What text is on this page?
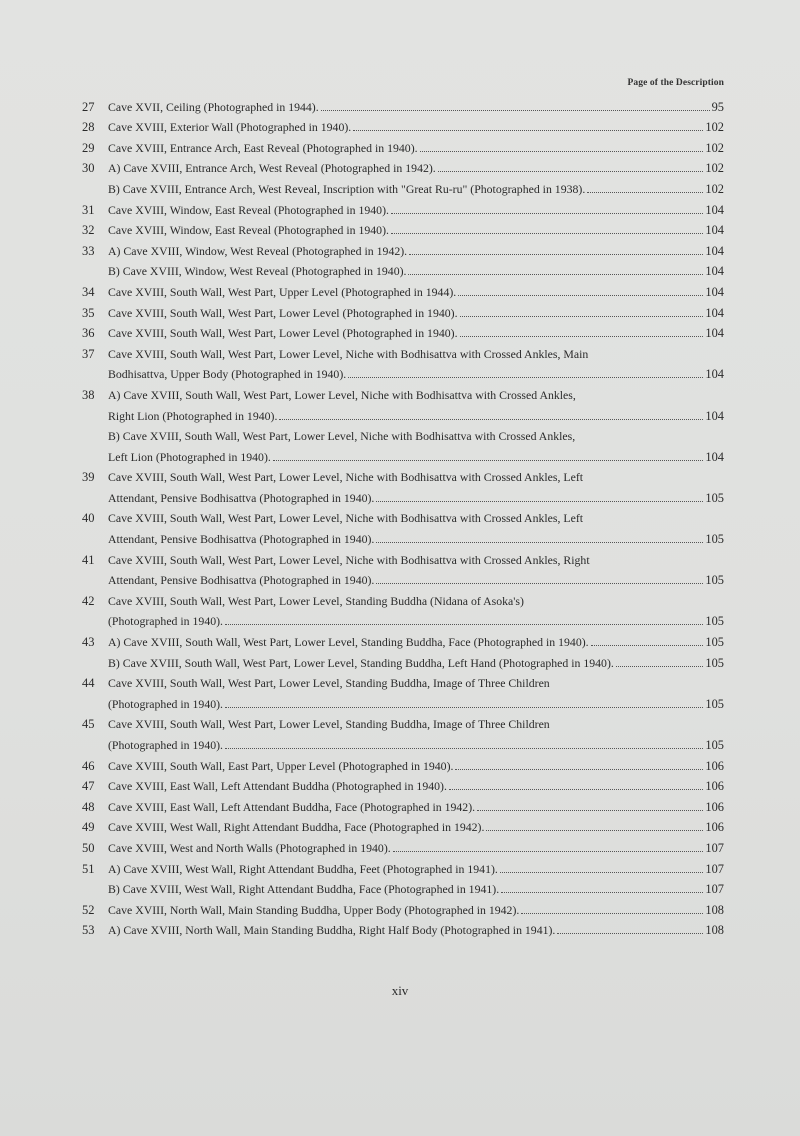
Page of the Description
27	Cave XVII, Ceiling (Photographed in 1944).	95
28	Cave XVIII, Exterior Wall (Photographed in 1940).	102
29	Cave XVIII, Entrance Arch, East Reveal (Photographed in 1940).	102
30	A) Cave XVIII, Entrance Arch, West Reveal (Photographed in 1942).	102
B) Cave XVIII, Entrance Arch, West Reveal, Inscription with "Great Ru-ru" (Photographed in 1938).	102
31	Cave XVIII, Window, East Reveal (Photographed in 1940).	104
32	Cave XVIII, Window, East Reveal (Photographed in 1940).	104
33	A) Cave XVIII, Window, West Reveal (Photographed in 1942).	104
B) Cave XVIII, Window, West Reveal (Photographed in 1940).	104
34	Cave XVIII, South Wall, West Part, Upper Level (Photographed in 1944).	104
35	Cave XVIII, South Wall, West Part, Lower Level (Photographed in 1940).	104
36	Cave XVIII, South Wall, West Part, Lower Level (Photographed in 1940).	104
37	Cave XVIII, South Wall, West Part, Lower Level, Niche with Bodhisattva with Crossed Ankles, Main
Bodhisattva, Upper Body (Photographed in 1940).	104
38	A) Cave XVIII, South Wall, West Part, Lower Level, Niche with Bodhisattva with Crossed Ankles,
Right Lion (Photographed in 1940).	104
B) Cave XVIII, South Wall, West Part, Lower Level, Niche with Bodhisattva with Crossed Ankles,
Left Lion (Photographed in 1940).	104
39	Cave XVIII, South Wall, West Part, Lower Level, Niche with Bodhisattva with Crossed Ankles, Left
Attendant, Pensive Bodhisattva (Photographed in 1940).	105
40	Cave XVIII, South Wall, West Part, Lower Level, Niche with Bodhisattva with Crossed Ankles, Left
Attendant, Pensive Bodhisattva (Photographed in 1940).	105
41	Cave XVIII, South Wall, West Part, Lower Level, Niche with Bodhisattva with Crossed Ankles, Right
Attendant, Pensive Bodhisattva (Photographed in 1940).	105
42	Cave XVIII, South Wall, West Part, Lower Level, Standing Buddha (Nidana of Asoka's)
(Photographed in 1940).	105
43	A) Cave XVIII, South Wall, West Part, Lower Level, Standing Buddha, Face (Photographed in 1940).	105
B) Cave XVIII, South Wall, West Part, Lower Level, Standing Buddha, Left Hand (Photographed in 1940).	105
44	Cave XVIII, South Wall, West Part, Lower Level, Standing Buddha, Image of Three Children
(Photographed in 1940).	105
45	Cave XVIII, South Wall, West Part, Lower Level, Standing Buddha, Image of Three Children
(Photographed in 1940).	105
46	Cave XVIII, South Wall, East Part, Upper Level (Photographed in 1940).	106
47	Cave XVIII, East Wall, Left Attendant Buddha (Photographed in 1940).	106
48	Cave XVIII, East Wall, Left Attendant Buddha, Face (Photographed in 1942).	106
49	Cave XVIII, West Wall, Right Attendant Buddha, Face (Photographed in 1942).	106
50	Cave XVIII, West and North Walls (Photographed in 1940).	107
51	A) Cave XVIII, West Wall, Right Attendant Buddha, Feet (Photographed in 1941).	107
B) Cave XVIII, West Wall, Right Attendant Buddha, Face (Photographed in 1941).	107
52	Cave XVIII, North Wall, Main Standing Buddha, Upper Body (Photographed in 1942).	108
53	A) Cave XVIII, North Wall, Main Standing Buddha, Right Half Body (Photographed in 1941).	108
xiv
